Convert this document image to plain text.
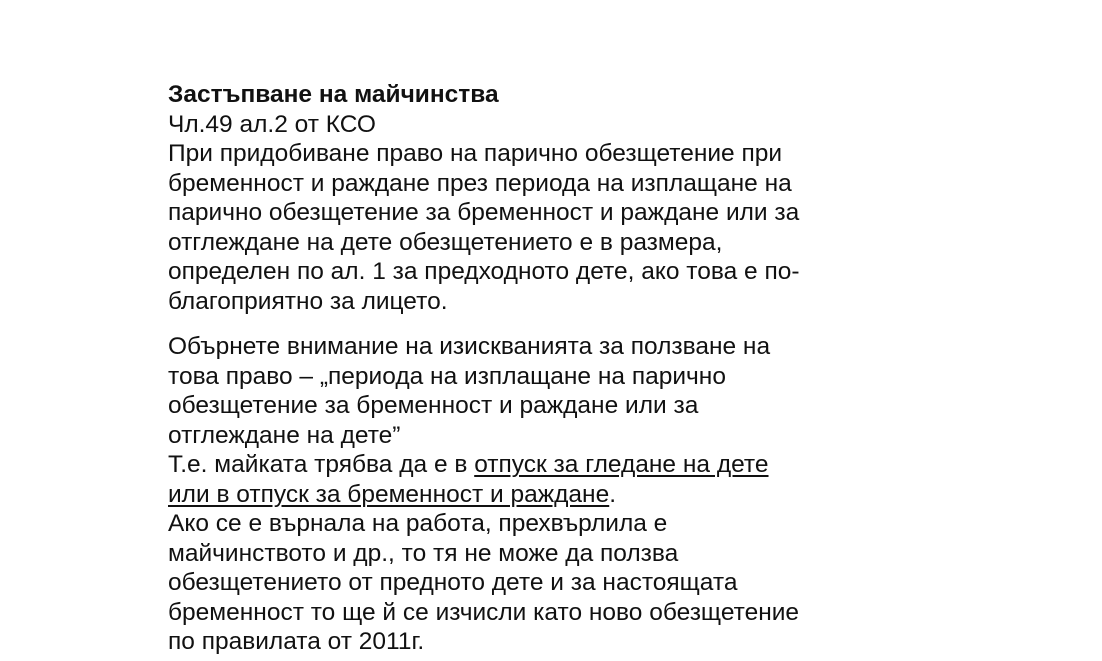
Застъпване на майчинства

Чл.49 ал.2 от КСО

При придобиване право на парично обезщетение при

бременност и раждане през периода на изплащане на

парично обезщетение за бременност и раждане или за

отглеждане на дете обезщетението е в размера,

определен по ал. 1 за предходното дете, ако това е по-

благоприятно за лицето.

Обърнете внимание на изискванията за ползване на

това право – „периода на изплащане на парично

обезщетение за бременност и раждане или за

отглеждане на дете”

Т.е. майката трябва да е в отпуск за гледане на дете

или в отпуск за бременност и раждане.

Ако се е върнала на работа, прехвърлила е

майчинството и др., то тя не може да ползва

обезщетението от предното дете и за настоящата

бременност то ще й се изчисли като ново обезщетение

по правилата от 2011г.
